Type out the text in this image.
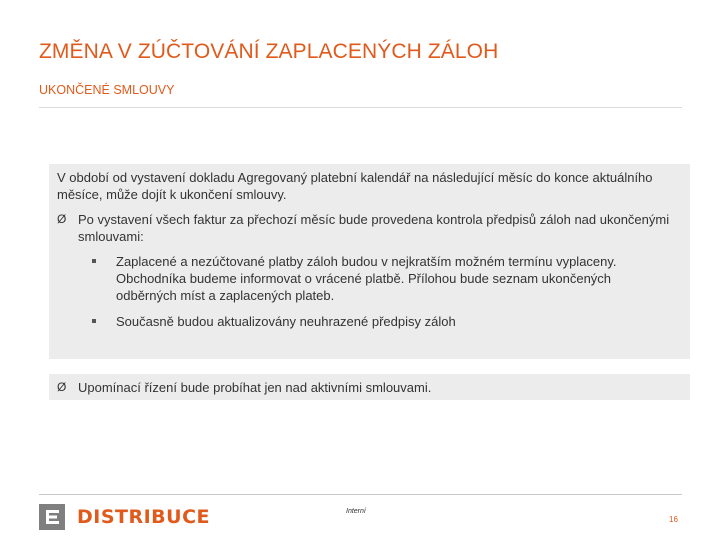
ZMĚNA V ZÚČTOVÁNÍ ZAPLACENÝCH ZÁLOH
UKONČENÉ SMLOUVY
V období od vystavení dokladu Agregovaný platební kalendář na následující měsíc do konce aktuálního měsíce, může dojít k ukončení smlouvy.
Ø Po vystavení všech faktur za přechozí měsíc bude provedena kontrola předpisů záloh nad ukončenými smlouvami:
Zaplacené a nezúčtované platby záloh budou v nejkratším možném termínu vyplaceny. Obchodníka budeme informovat o vrácené platbě. Přílohou bude seznam ukončených odběrných míst a zaplacených plateb.
Současně budou aktualizovány neuhrazené předpisy záloh
Ø Upomínací řízení bude probíhat jen nad aktivními smlouvami.
DISTRIBUCE	Interní
16
